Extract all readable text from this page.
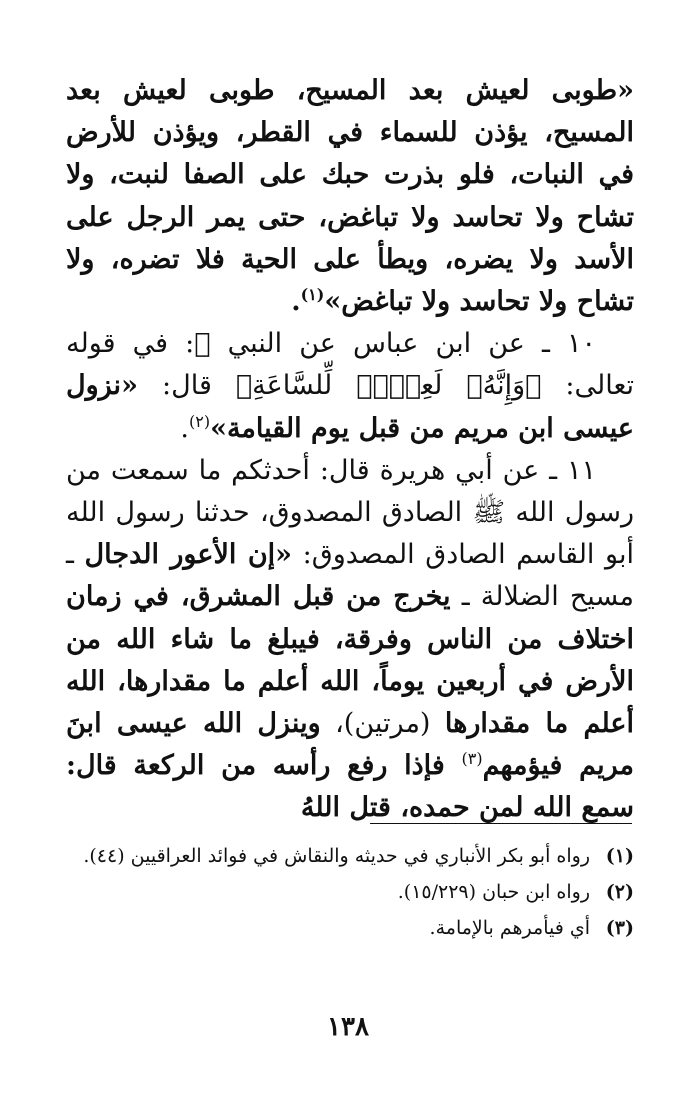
«طوبى لعيش بعد المسيح، طوبى لعيش بعد المسيح، يؤذن للسماء في القطر، ويؤذن للأرض في النبات، فلو بذرت حبك على الصفا لنبت، ولا تشاح ولا تحاسد ولا تباغض، حتى يمر الرجل على الأسد ولا يضره، ويطأ على الحية فلا تضره، ولا تشاح ولا تحاسد ولا تباغض»$^{(١)}$.

١٠ ـ عن ابن عباس عن النبي ﷺ: في قوله تعالى: ﴿وَإِنَّهُۥ لَعِلۡمٞ لِّلسَّاعَةِ﴾ قال: «نزول عيسى ابن مريم من قبل يوم القيامة»$^{(٢)}$.

١١ ـ عن أبي هريرة قال: أحدثكم ما سمعت من رسول الله ﷺ الصادق المصدوق، حدثنا رسول الله أبو القاسم الصادق المصدوق: «إن الأعور الدجال ـ مسيح الضلالة ـ يخرج من قبل المشرق، في زمان اختلاف من الناس وفرقة، فيبلغ ما شاء الله من الأرض في أربعين يوماً، الله أعلم ما مقدارها، الله أعلم ما مقدارها (مرتين)، وينزل الله عيسى ابنَ مريم فيؤمهم$^{(٣)}$ فإذا رفع رأسه من الركعة قال: سمع الله لمن حمده، قتل اللهُ

(١)
رواه أبو بكر الأنباري في حديثه والنقاش في فوائد العراقيين (٤٤).
(٢)
رواه ابن حبان (١٥/٢٢٩).
(٣)
أي فيأمرهم بالإمامة.
١٣٨
